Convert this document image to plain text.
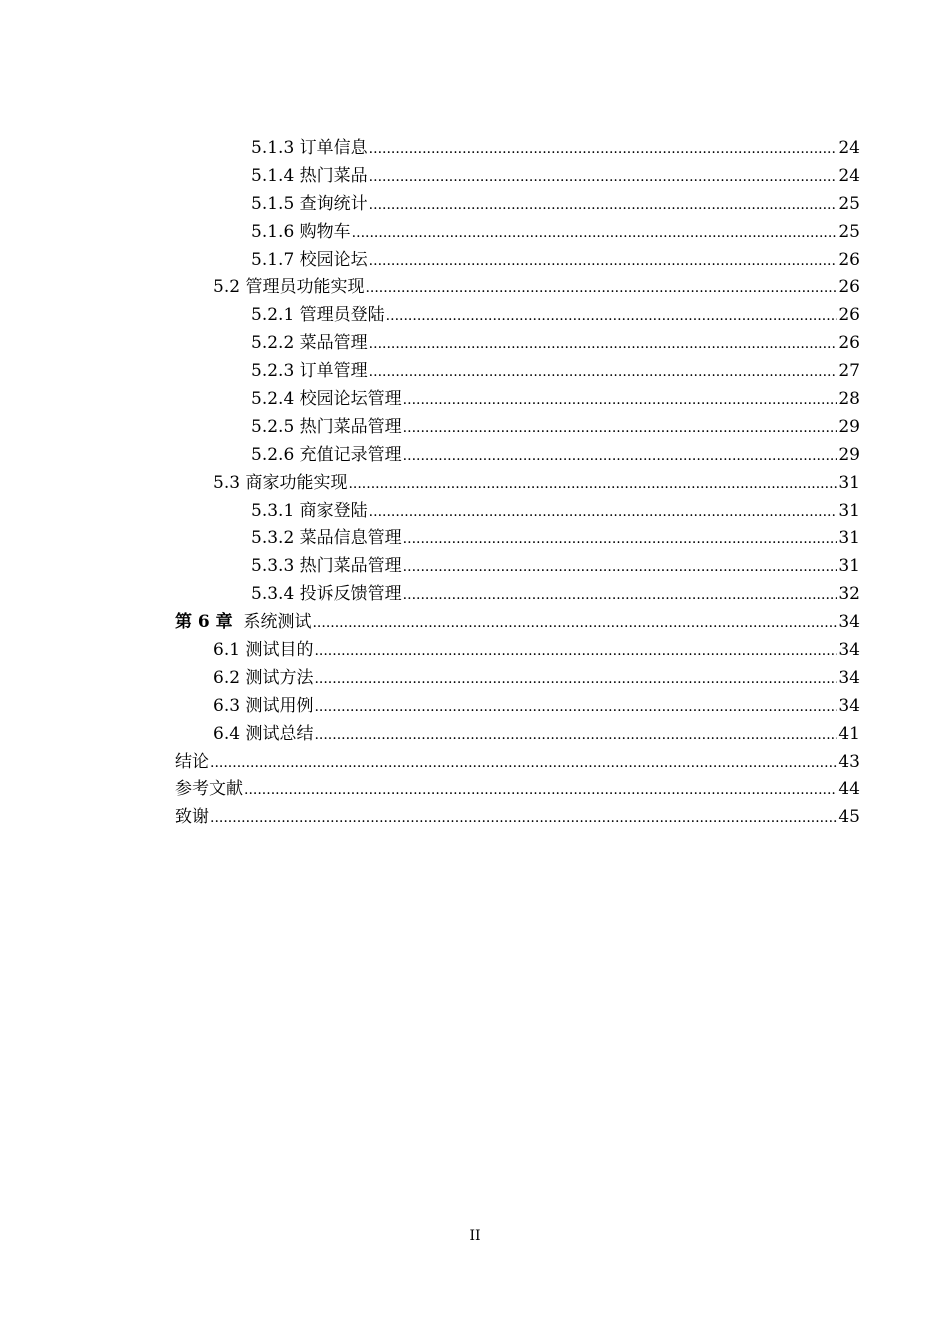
5.1.3 订单信息 .....	24
5.1.4 热门菜品 .....	24
5.1.5 查询统计 .....	25
5.1.6 购物车 .....	25
5.1.7 校园论坛 .....	26
5.2 管理员功能实现 .....	26
5.2.1 管理员登陆 .....	26
5.2.2 菜品管理 .....	26
5.2.3 订单管理 .....	27
5.2.4 校园论坛管理 .....	28
5.2.5 热门菜品管理 .....	29
5.2.6 充值记录管理 .....	29
5.3 商家功能实现 .....	31
5.3.1 商家登陆 .....	31
5.3.2 菜品信息管理 .....	31
5.3.3 热门菜品管理 .....	31
5.3.4 投诉反馈管理 .....	32
第 6 章 系统测试 .....	34
6.1 测试目的 .....	34
6.2 测试方法 .....	34
6.3 测试用例 .....	34
6.4 测试总结 .....	41
结论 .....	43
参考文献 .....	44
致谢 .....	45
II
